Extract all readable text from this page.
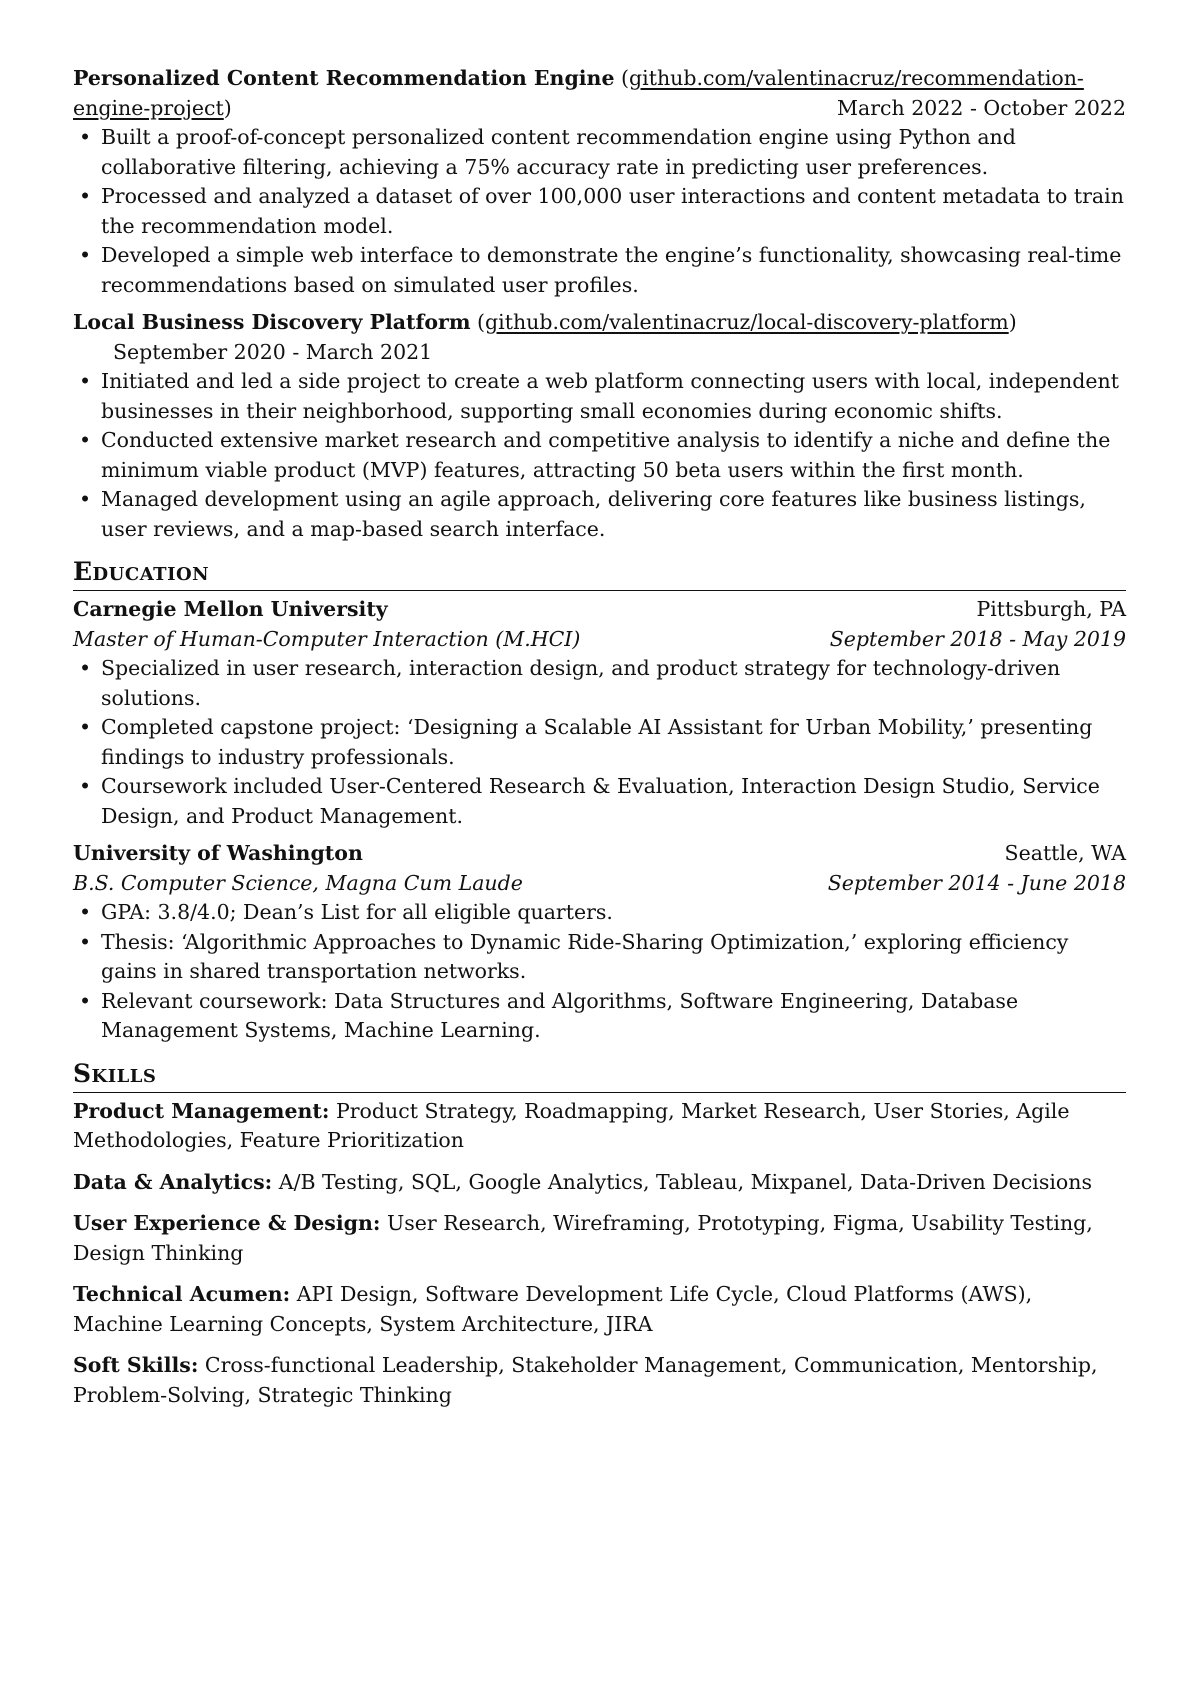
Personalized Content Recommendation Engine (github.com/valentinacruz/recommendation-engine-project)	March 2022 - October 2022
• Built a proof-of-concept personalized content recommendation engine using Python and collaborative filtering, achieving a 75% accuracy rate in predicting user preferences.
• Processed and analyzed a dataset of over 100,000 user interactions and content metadata to train the recommendation model.
• Developed a simple web interface to demonstrate the engine’s functionality, showcasing real-time recommendations based on simulated user profiles.
Local Business Discovery Platform (github.com/valentinacruz/local-discovery-platform) September 2020 - March 2021
• Initiated and led a side project to create a web platform connecting users with local, independent businesses in their neighborhood, supporting small economies during economic shifts.
• Conducted extensive market research and competitive analysis to identify a niche and define the minimum viable product (MVP) features, attracting 50 beta users within the first month.
• Managed development using an agile approach, delivering core features like business listings, user reviews, and a map-based search interface.
Education
Carnegie Mellon University	Pittsburgh, PA
Master of Human-Computer Interaction (M.HCI)	September 2018 - May 2019
• Specialized in user research, interaction design, and product strategy for technology-driven solutions.
• Completed capstone project: ‘Designing a Scalable AI Assistant for Urban Mobility,’ presenting findings to industry professionals.
• Coursework included User-Centered Research & Evaluation, Interaction Design Studio, Service Design, and Product Management.
University of Washington	Seattle, WA
B.S. Computer Science, Magna Cum Laude	September 2014 - June 2018
• GPA: 3.8/4.0; Dean’s List for all eligible quarters.
• Thesis: ‘Algorithmic Approaches to Dynamic Ride-Sharing Optimization,’ exploring efficiency gains in shared transportation networks.
• Relevant coursework: Data Structures and Algorithms, Software Engineering, Database Management Systems, Machine Learning.
Skills
Product Management: Product Strategy, Roadmapping, Market Research, User Stories, Agile Methodologies, Feature Prioritization
Data & Analytics: A/B Testing, SQL, Google Analytics, Tableau, Mixpanel, Data-Driven Decisions
User Experience & Design: User Research, Wireframing, Prototyping, Figma, Usability Testing, Design Thinking
Technical Acumen: API Design, Software Development Life Cycle, Cloud Platforms (AWS), Machine Learning Concepts, System Architecture, JIRA
Soft Skills: Cross-functional Leadership, Stakeholder Management, Communication, Mentorship, Problem-Solving, Strategic Thinking
